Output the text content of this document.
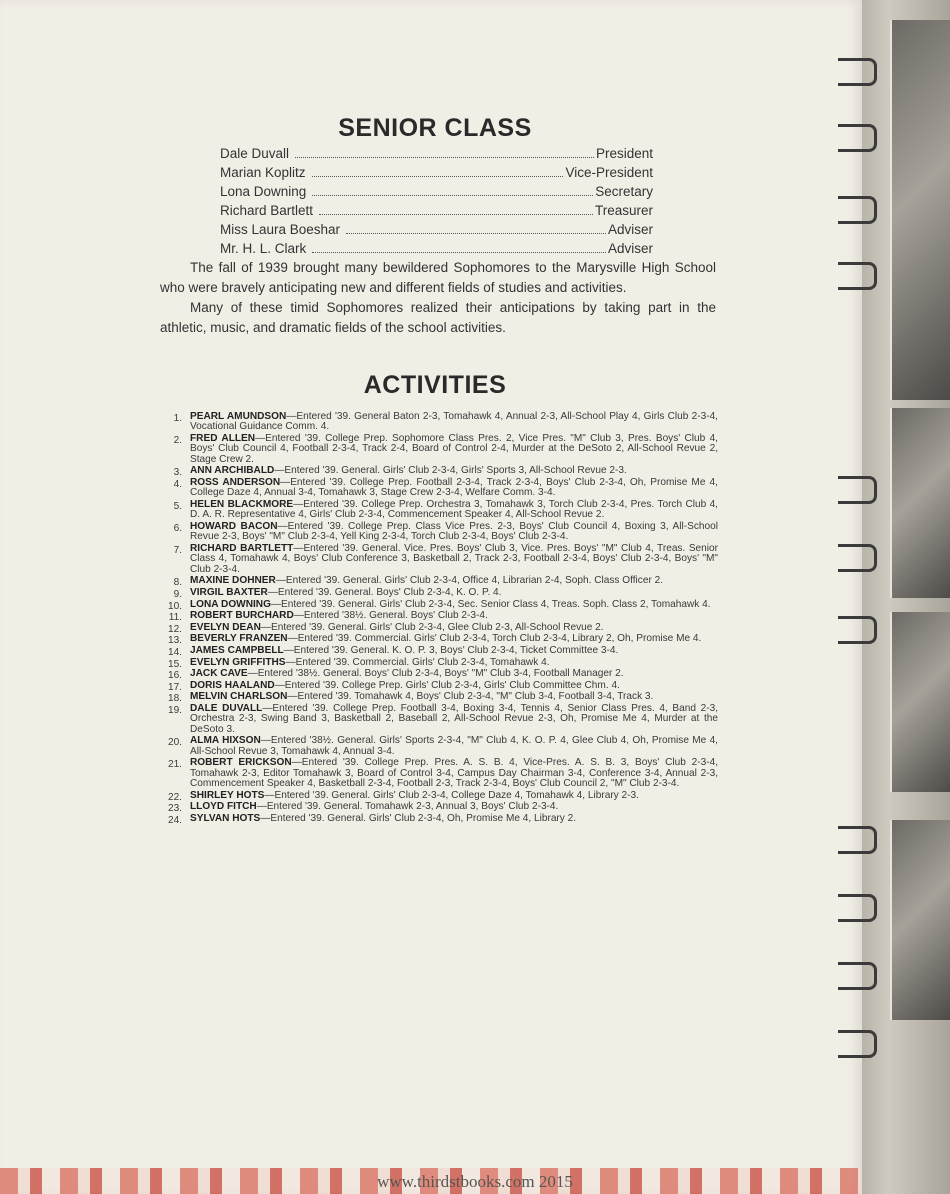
SENIOR CLASS
Dale Duvall	President
Marian Koplitz	Vice-President
Lona Downing	Secretary
Richard Bartlett	Treasurer
Miss Laura Boeshar	Adviser
Mr. H. L. Clark	Adviser

The fall of 1939 brought many bewildered Sophomores to the Marysville High School who were bravely anticipating new and different fields of studies and activities.

Many of these timid Sophomores realized their anticipations by taking part in the athletic, music, and dramatic fields of the school activities.

ACTIVITIES
1. PEARL AMUNDSON—Entered '39. General Baton 2-3, Tomahawk 4, Annual 2-3, All-School Play 4, Girls Club 2-3-4, Vocational Guidance Comm. 4.
2. FRED ALLEN—Entered '39. College Prep. Sophomore Class Pres. 2, Vice Pres. "M" Club 3, Pres. Boys' Club 4, Boys' Club Council 4, Football 2-3-4, Track 2-4, Board of Control 2-4, Murder at the DeSoto 2, All-School Revue 2, Stage Crew 2.
3. ANN ARCHIBALD—Entered '39. General. Girls' Club 2-3-4, Girls' Sports 3, All-School Revue 2-3.
4. ROSS ANDERSON—Entered '39. College Prep. Football 2-3-4, Track 2-3-4, Boys' Club 2-3-4, Oh, Promise Me 4, College Daze 4, Annual 3-4, Tomahawk 3, Stage Crew 2-3-4, Welfare Comm. 3-4.
5. HELEN BLACKMORE—Entered '39. College Prep. Orchestra 3, Tomahawk 3, Torch Club 2-3-4, Pres. Torch Club 4, D. A. R. Representative 4, Girls' Club 2-3-4, Commencement Speaker 4, All-School Revue 2.
6. HOWARD BACON—Entered '39. College Prep. Class Vice Pres. 2-3, Boys' Club Council 4, Boxing 3, All-School Revue 2-3, Boys' "M" Club 2-3-4, Yell King 2-3-4, Torch Club 2-3-4, Boys' Club 2-3-4.
7. RICHARD BARTLETT—Entered '39. General. Vice. Pres. Boys' Club 3, Vice. Pres. Boys' "M" Club 4, Treas. Senior Class 4, Tomahawk 4, Boys' Club Conference 3, Basketball 2, Track 2-3, Football 2-3-4, Boys' Club 2-3-4, Boys' "M" Club 2-3-4.
8. MAXINE DOHNER—Entered '39. General. Girls' Club 2-3-4, Office 4, Librarian 2-4, Soph. Class Officer 2.
9. VIRGIL BAXTER—Entered '39. General. Boys' Club 2-3-4, K. O. P. 4.
10. LONA DOWNING—Entered '39. General. Girls' Club 2-3-4, Sec. Senior Class 4, Treas. Soph. Class 2, Tomahawk 4.
11. ROBERT BURCHARD—Entered '38½. General. Boys' Club 2-3-4.
12. EVELYN DEAN—Entered '39. General. Girls' Club 2-3-4, Glee Club 2-3, All-School Revue 2.
13. BEVERLY FRANZEN—Entered '39. Commercial. Girls' Club 2-3-4, Torch Club 2-3-4, Library 2, Oh, Promise Me 4.
14. JAMES CAMPBELL—Entered '39. General. K. O. P. 3, Boys' Club 2-3-4, Ticket Committee 3-4.
15. EVELYN GRIFFITHS—Entered '39. Commercial. Girls' Club 2-3-4, Tomahawk 4.
16. JACK CAVE—Entered '38½. General. Boys' Club 2-3-4, Boys' "M" Club 3-4, Football Manager 2.
17. DORIS HAALAND—Entered '39. College Prep. Girls' Club 2-3-4, Girls' Club Committee Chm. 4.
18. MELVIN CHARLSON—Entered '39. Tomahawk 4, Boys' Club 2-3-4, "M" Club 3-4, Football 3-4, Track 3.
19. DALE DUVALL—Entered '39. College Prep. Football 3-4, Boxing 3-4, Tennis 4, Senior Class Pres. 4, Band 2-3, Orchestra 2-3, Swing Band 3, Basketball 2, Baseball 2, All-School Revue 2-3, Oh, Promise Me 4, Murder at the DeSoto 3.
20. ALMA HIXSON—Entered '38½. General. Girls' Sports 2-3-4, "M" Club 4, K. O. P. 4, Glee Club 4, Oh, Promise Me 4, All-School Revue 3, Tomahawk 4, Annual 3-4.
21. ROBERT ERICKSON—Entered '39. College Prep. Pres. A. S. B. 4, Vice-Pres. A. S. B. 3, Boys' Club 2-3-4, Tomahawk 2-3, Editor Tomahawk 3, Board of Control 3-4, Campus Day Chairman 3-4, Conference 3-4, Annual 2-3, Commencement Speaker 4, Basketball 2-3-4, Football 2-3, Track 2-3-4, Boys' Club Council 2, "M" Club 2-3-4.
22. SHIRLEY HOTS—Entered '39. General. Girls' Club 2-3-4, College Daze 4, Tomahawk 4, Library 2-3.
23. LLOYD FITCH—Entered '39. General. Tomahawk 2-3, Annual 3, Boys' Club 2-3-4.
24. SYLVAN HOTS—Entered '39. General. Girls' Club 2-3-4, Oh, Promise Me 4, Library 2.
www.thirdstbooks.com 2015
